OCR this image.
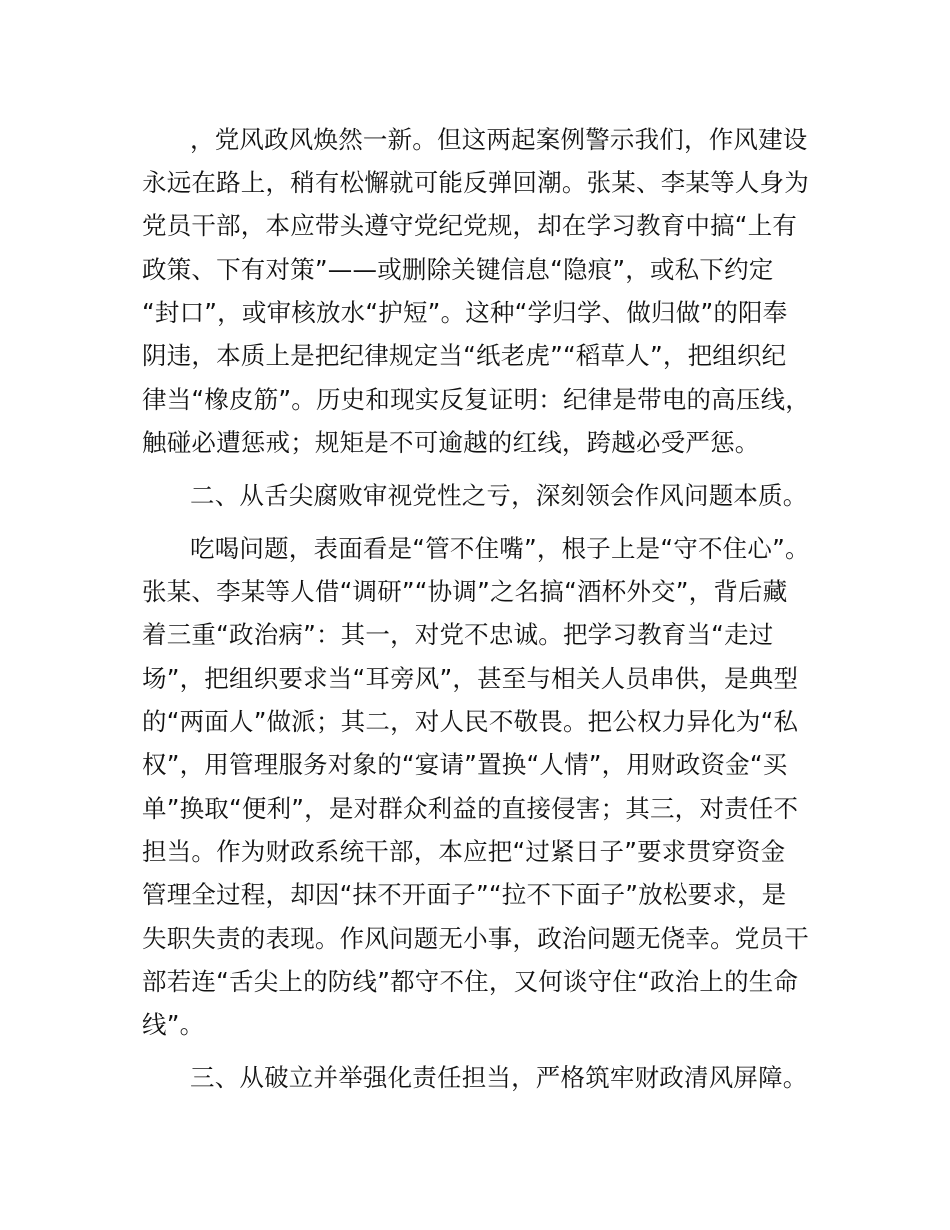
，党风政风焕然一新。但这两起案例警示我们，作风建设
永远在路上，稍有松懈就可能反弹回潮。张某、李某等人身为
党员干部，本应带头遵守党纪党规，却在学习教育中搞“上有
政策、下有对策”——或删除关键信息“隐痕”，或私下约定
“封口”，或审核放水“护短”。这种“学归学、做归做”的阳奉
阴违，本质上是把纪律规定当“纸老虎”“稻草人”，把组织纪
律当“橡皮筋”。历史和现实反复证明：纪律是带电的高压线，
触碰必遭惩戒；规矩是不可逾越的红线，跨越必受严惩。
二、从舌尖腐败审视党性之亏，深刻领会作风问题本质。
吃喝问题，表面看是“管不住嘴”，根子上是“守不住心”。
张某、李某等人借“调研”“协调”之名搞“酒杯外交”，背后藏
着三重“政治病”：其一，对党不忠诚。把学习教育当“走过
场”，把组织要求当“耳旁风”，甚至与相关人员串供，是典型
的“两面人”做派；其二，对人民不敬畏。把公权力异化为“私
权”，用管理服务对象的“宴请”置换“人情”，用财政资金“买
单”换取“便利”，是对群众利益的直接侵害；其三，对责任不
担当。作为财政系统干部，本应把“过紧日子”要求贯穿资金
管理全过程，却因“抹不开面子”“拉不下面子”放松要求，是
失职失责的表现。作风问题无小事，政治问题无侥幸。党员干
部若连“舌尖上的防线”都守不住，又何谈守住“政治上的生命
线”。
三、从破立并举强化责任担当，严格筑牢财政清风屏障。
